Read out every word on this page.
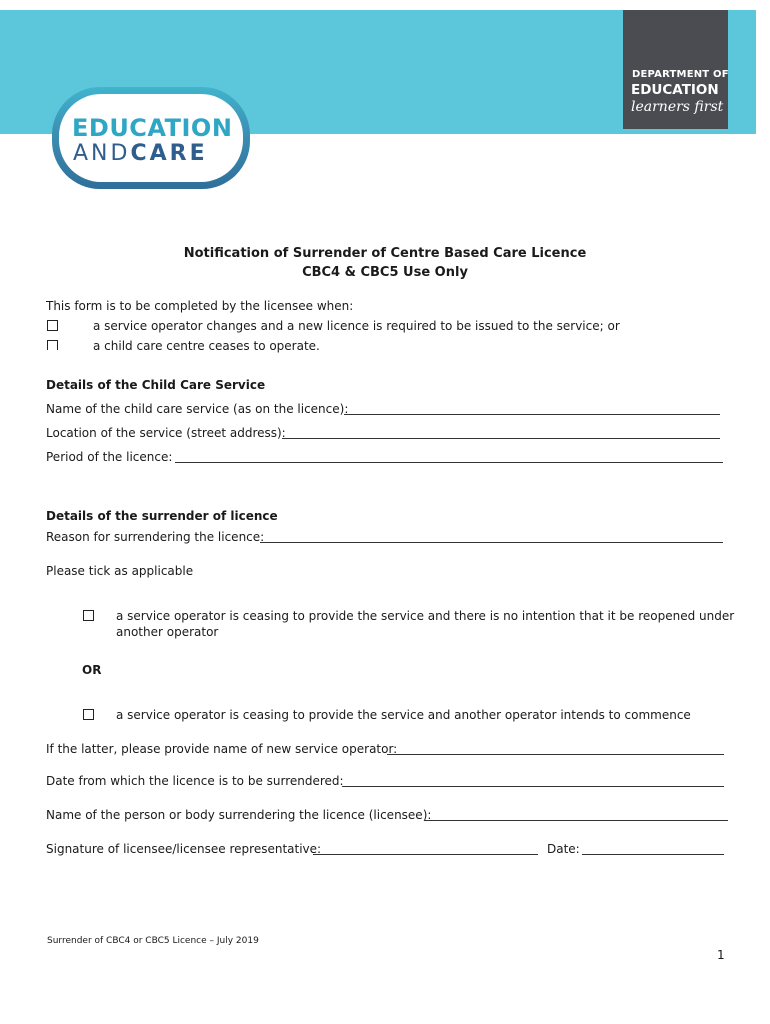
DEPARTMENT OF
EDUCATION
learners first
EDUCATION
ANDCARE
Notification of Surrender of Centre Based Care Licence
CBC4 & CBC5 Use Only
This form is to be completed by the licensee when:
a service operator changes and a new licence is required to be issued to the service; or
a child care centre ceases to operate.
Details of the Child Care Service
Name of the child care service (as on the licence):
Location of the service (street address):
Period of the licence:
Details of the surrender of licence
Reason for surrendering the licence:
Please tick as applicable
a service operator is ceasing to provide the service and there is no intention that it be reopened under
another operator
OR
a service operator is ceasing to provide the service and another operator intends to commence
If the latter, please provide name of new service operator:
Date from which the licence is to be surrendered:
Name of the person or body surrendering the licence (licensee):
Signature of licensee/licensee representative:	Date:
Surrender of CBC4 or CBC5 Licence – July 2019
1
